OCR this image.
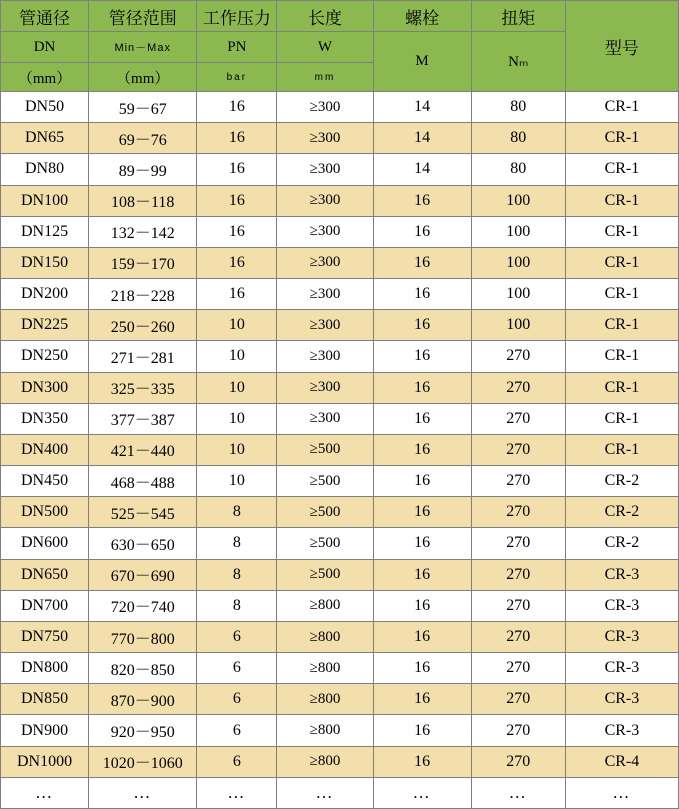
管通径	管径范围	工作压力	长度	螺栓	扭矩	型号
DN	Min－Max	PN	W	M	Nₘ	
（mm）	（mm）	bar	mm			
DN50	59－67	16	≥300	14	80	CR-1
DN65	69－76	16	≥300	14	80	CR-1
DN80	89－99	16	≥300	14	80	CR-1
DN100	108－118	16	≥300	16	100	CR-1
DN125	132－142	16	≥300	16	100	CR-1
DN150	159－170	16	≥300	16	100	CR-1
DN200	218－228	16	≥300	16	100	CR-1
DN225	250－260	10	≥300	16	100	CR-1
DN250	271－281	10	≥300	16	270	CR-1
DN300	325－335	10	≥300	16	270	CR-1
DN350	377－387	10	≥300	16	270	CR-1
DN400	421－440	10	≥500	16	270	CR-1
DN450	468－488	10	≥500	16	270	CR-2
DN500	525－545	8	≥500	16	270	CR-2
DN600	630－650	8	≥500	16	270	CR-2
DN650	670－690	8	≥500	16	270	CR-3
DN700	720－740	8	≥800	16	270	CR-3
DN750	770－800	6	≥800	16	270	CR-3
DN800	820－850	6	≥800	16	270	CR-3
DN850	870－900	6	≥800	16	270	CR-3
DN900	920－950	6	≥800	16	270	CR-3
DN1000	1020－1060	6	≥800	16	270	CR-4
…	…	…	…	…	…	…
